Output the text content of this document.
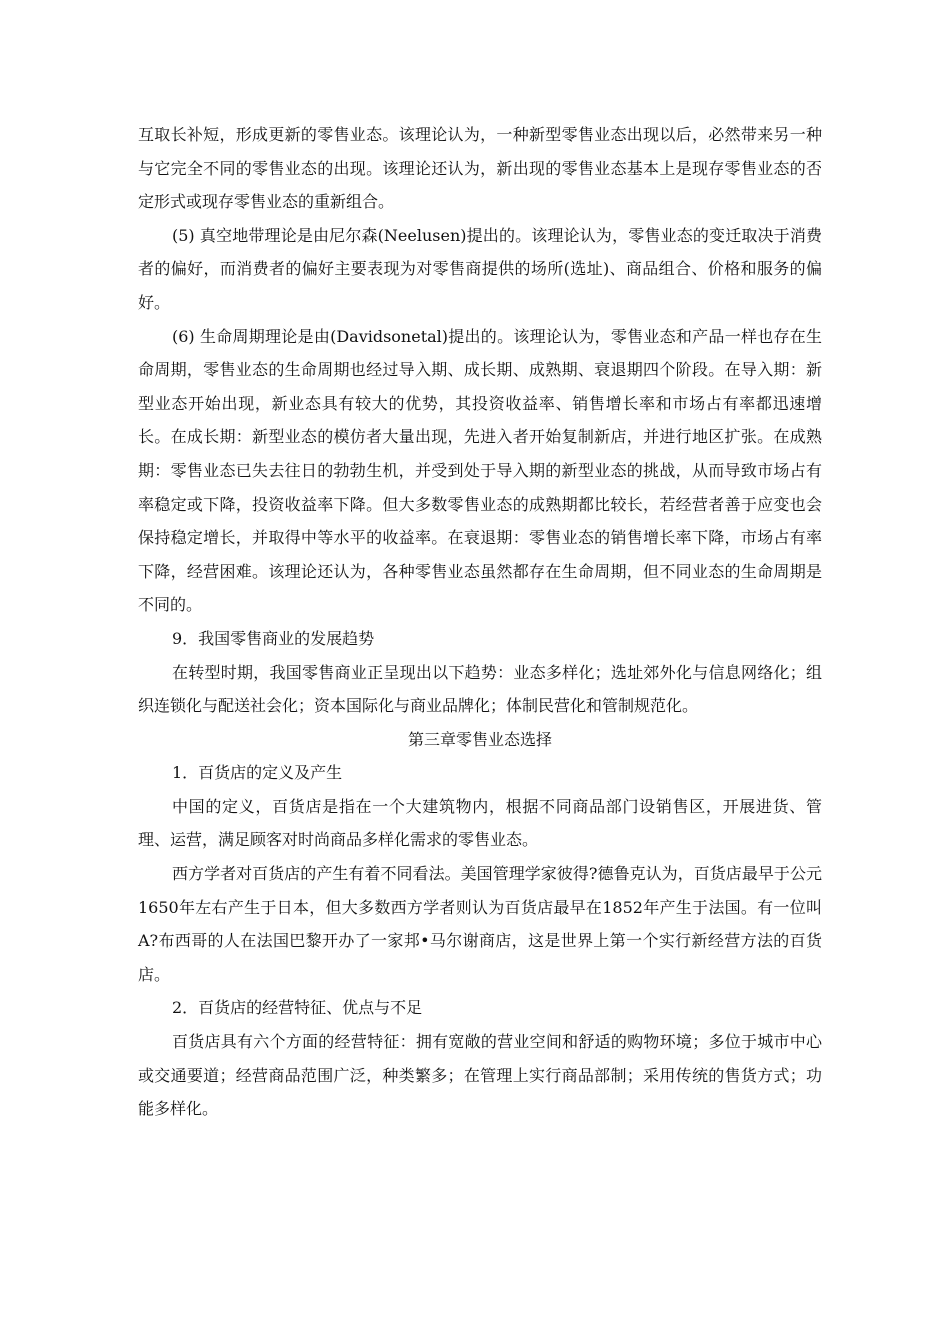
互取长补短，形成更新的零售业态。该理论认为，一种新型零售业态出现以后，必然带来另一种与它完全不同的零售业态的出现。该理论还认为，新出现的零售业态基本上是现存零售业态的否定形式或现存零售业态的重新组合。

(5) 真空地带理论是由尼尔森(Neelusen)提出的。该理论认为，零售业态的变迁取决于消费者的偏好，而消费者的偏好主要表现为对零售商提供的场所(选址)、商品组合、价格和服务的偏好。

(6) 生命周期理论是由(Davidsonetal)提出的。该理论认为，零售业态和产品一样也存在生命周期，零售业态的生命周期也经过导入期、成长期、成熟期、衰退期四个阶段。在导入期：新型业态开始出现，新业态具有较大的优势，其投资收益率、销售增长率和市场占有率都迅速增长。在成长期：新型业态的模仿者大量出现，先进入者开始复制新店，并进行地区扩张。在成熟期：零售业态已失去往日的勃勃生机，并受到处于导入期的新型业态的挑战，从而导致市场占有率稳定或下降，投资收益率下降。但大多数零售业态的成熟期都比较长，若经营者善于应变也会保持稳定增长，并取得中等水平的收益率。在衰退期：零售业态的销售增长率下降，市场占有率下降，经营困难。该理论还认为，各种零售业态虽然都存在生命周期，但不同业态的生命周期是不同的。

9．我国零售商业的发展趋势

在转型时期，我国零售商业正呈现出以下趋势：业态多样化；选址郊外化与信息网络化；组织连锁化与配送社会化；资本国际化与商业品牌化；体制民营化和管制规范化。

第三章零售业态选择

1．百货店的定义及产生

中国的定义，百货店是指在一个大建筑物内，根据不同商品部门设销售区，开展进货、管理、运营，满足顾客对时尚商品多样化需求的零售业态。

西方学者对百货店的产生有着不同看法。美国管理学家彼得?德鲁克认为，百货店最早于公元1650年左右产生于日本，但大多数西方学者则认为百货店最早在1852年产生于法国。有一位叫A?布西哥的人在法国巴黎开办了一家邦•马尔谢商店，这是世界上第一个实行新经营方法的百货店。

2．百货店的经营特征、优点与不足

百货店具有六个方面的经营特征：拥有宽敞的营业空间和舒适的购物环境；多位于城市中心或交通要道；经营商品范围广泛，种类繁多；在管理上实行商品部制；采用传统的售货方式；功能多样化。
